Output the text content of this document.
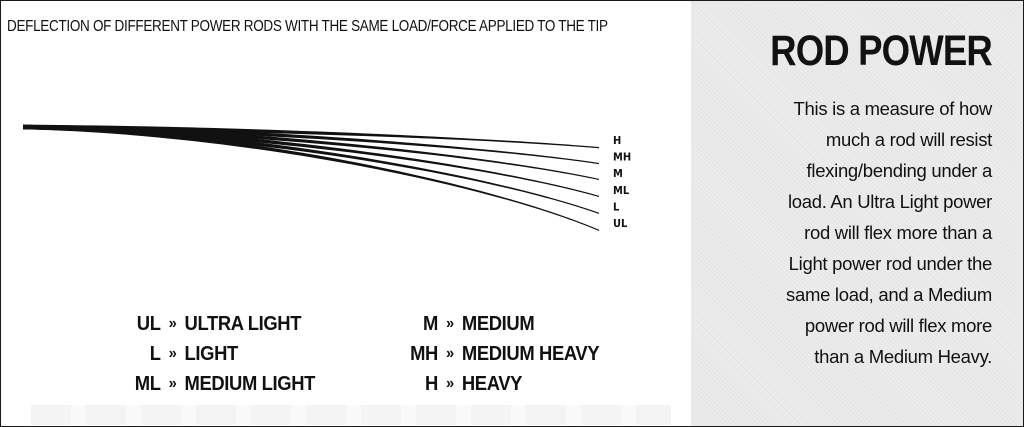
DEFLECTION OF DIFFERENT POWER RODS WITH THE SAME LOAD/FORCE APPLIED TO THE TIP
H
MH
M
ML
L
UL
UL » ULTRA LIGHT
L » LIGHT
ML » MEDIUM LIGHT
M » MEDIUM
MH » MEDIUM HEAVY
H » HEAVY
ROD POWER
This is a measure of how
much a rod will resist
flexing/bending under a
load. An Ultra Light power
rod will flex more than a
Light power rod under the
same load, and a Medium
power rod will flex more
than a Medium Heavy.
